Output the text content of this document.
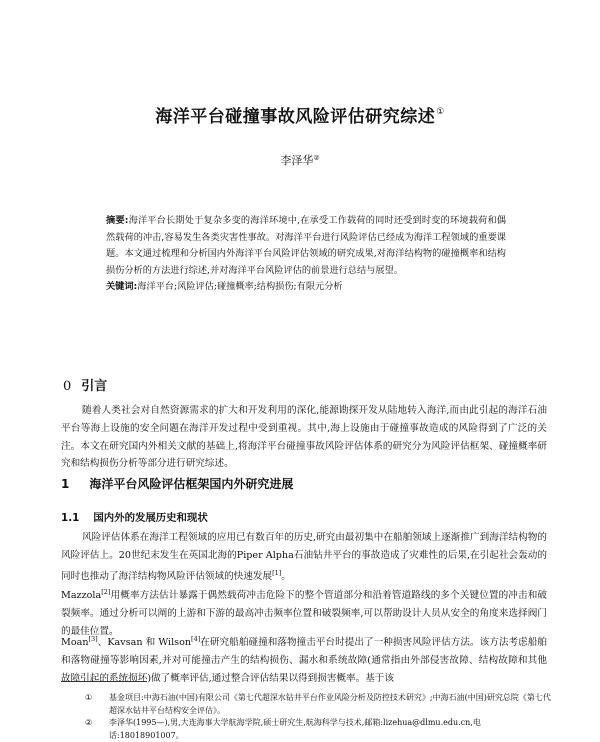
海洋平台碰撞事故风险评估研究综述①
李泽华②
摘要:海洋平台长期处于复杂多变的海洋环境中,在承受工作载荷的同时还受到时变的环境载荷和偶然载荷的冲击,容易发生各类灾害性事故。对海洋平台进行风险评估已经成为海洋工程领域的重要课题。本文通过梳理和分析国内外海洋平台风险评估领域的研究成果,对海洋结构物的碰撞概率和结构损伤分析的方法进行综述,并对海洋平台风险评估的前景进行总结与展望。
关键词:海洋平台;风险评估;碰撞概率;结构损伤;有限元分析
0 引言
随着人类社会对自然资源需求的扩大和开发利用的深化,能源勘探开发从陆地转入海洋,而由此引起的海洋石油平台等海上设施的安全问题在海洋开发过程中受到重视。其中,海上设施由于碰撞事故造成的风险得到了广泛的关注。本文在研究国内外相关文献的基础上,将海洋平台碰撞事故风险评估体系的研究分为风险评估框架、碰撞概率研究和结构损伤分析等部分进行研究综述。
1 海洋平台风险评估框架国内外研究进展
1.1 国内外的发展历史和现状
风险评估体系在海洋工程领域的应用已有数百年的历史,研究由最初集中在船舶领域上逐渐推广到海洋结构物的风险评估上。20世纪末发生在英国北海的Piper Alpha石油钻井平台的事故造成了灾难性的后果,在引起社会轰动的同时也推动了海洋结构物风险评估领域的快速发展[1]。
Mazzola[2]用概率方法估计暴露于偶然载荷冲击危险下的整个管道部分和沿着管道路线的多个关键位置的冲击和破裂频率。通过分析可以阐的上游和下游的最高冲击频率位置和破裂频率,可以帮助设计人员从安全的角度来选择阀门的最佳位置。
Moan[3]、Kavsan 和 Wilson[4]在研究船舶碰撞和落物撞击平台时提出了一种损害风险评估方法。该方法考虑船舶和落物碰撞等影响因素,并对可能撞击产生的结构损伤、漏水和系统故障(通常指由外部侵害故障、结构故障和其他故障引起的系统损坏)做了概率评估,通过整合评估结果以得到损害概率。基于该
①	基金项目:中海石油(中国)有限公司《第七代超深水钻井平台作业风险分析及防控技术研究》;中海石油(中国)研究总院《第七代超深水钻井平台结构安全评估》。
②	李泽华(1995—),男,大连海事大学航海学院,硕士研究生,航海科学与技术,邮箱:lizehua@dlmu.edu.cn,电话:18018901007。
